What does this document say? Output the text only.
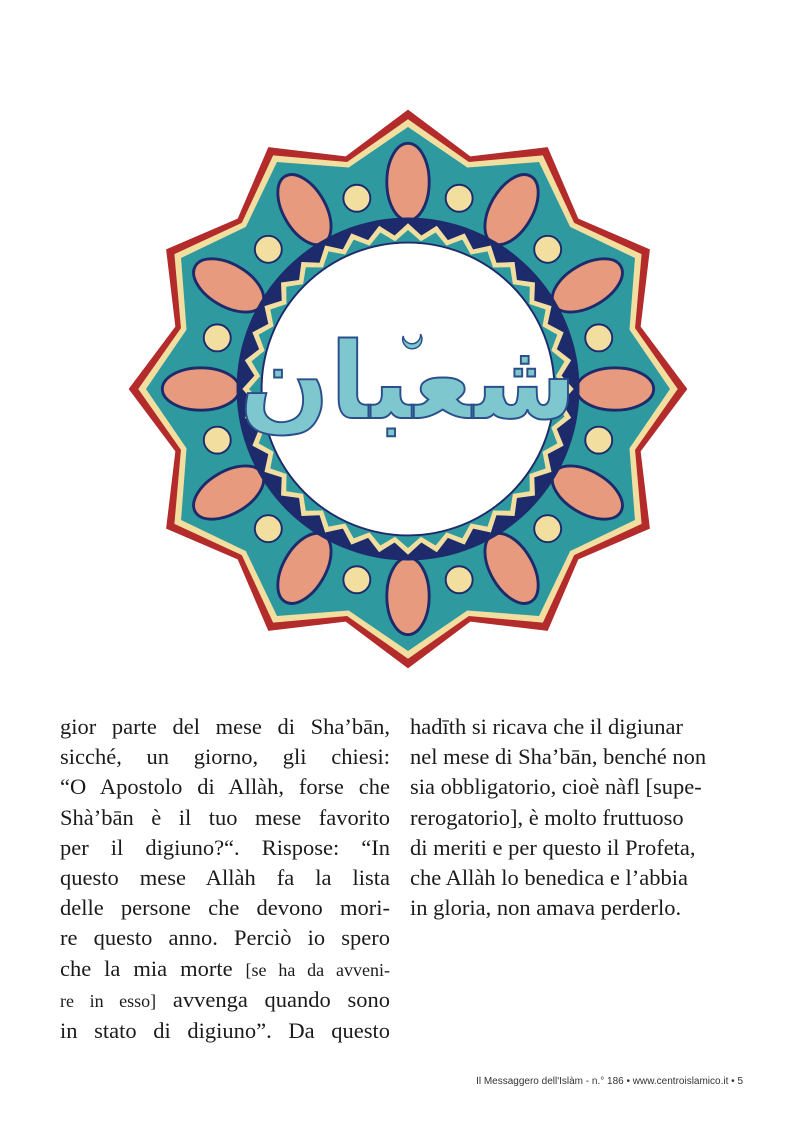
شعبان
gior parte del mese di Sha’bān,
sicché, un giorno, gli chiesi:
“O Apostolo di Allàh, forse che
Shà’bān è il tuo mese favorito
per il digiuno?“. Rispose: “In
questo mese Allàh fa la lista
delle persone che devono mori-
re questo anno. Perciò io spero
che la mia morte [se ha da avveni-
re in esso] avvenga quando sono
in stato di digiuno”. Da questo
hadīth si ricava che il digiunar
nel mese di Sha’bān, benché non
sia obbligatorio, cioè nàfl [supe-
rerogatorio], è molto fruttuoso
di meriti e per questo il Profeta,
che Allàh lo benedica e l’abbia
in gloria, non amava perderlo.
Il Messaggero dell'Islàm - n.° 186 • www.centroislamico.it • 5
